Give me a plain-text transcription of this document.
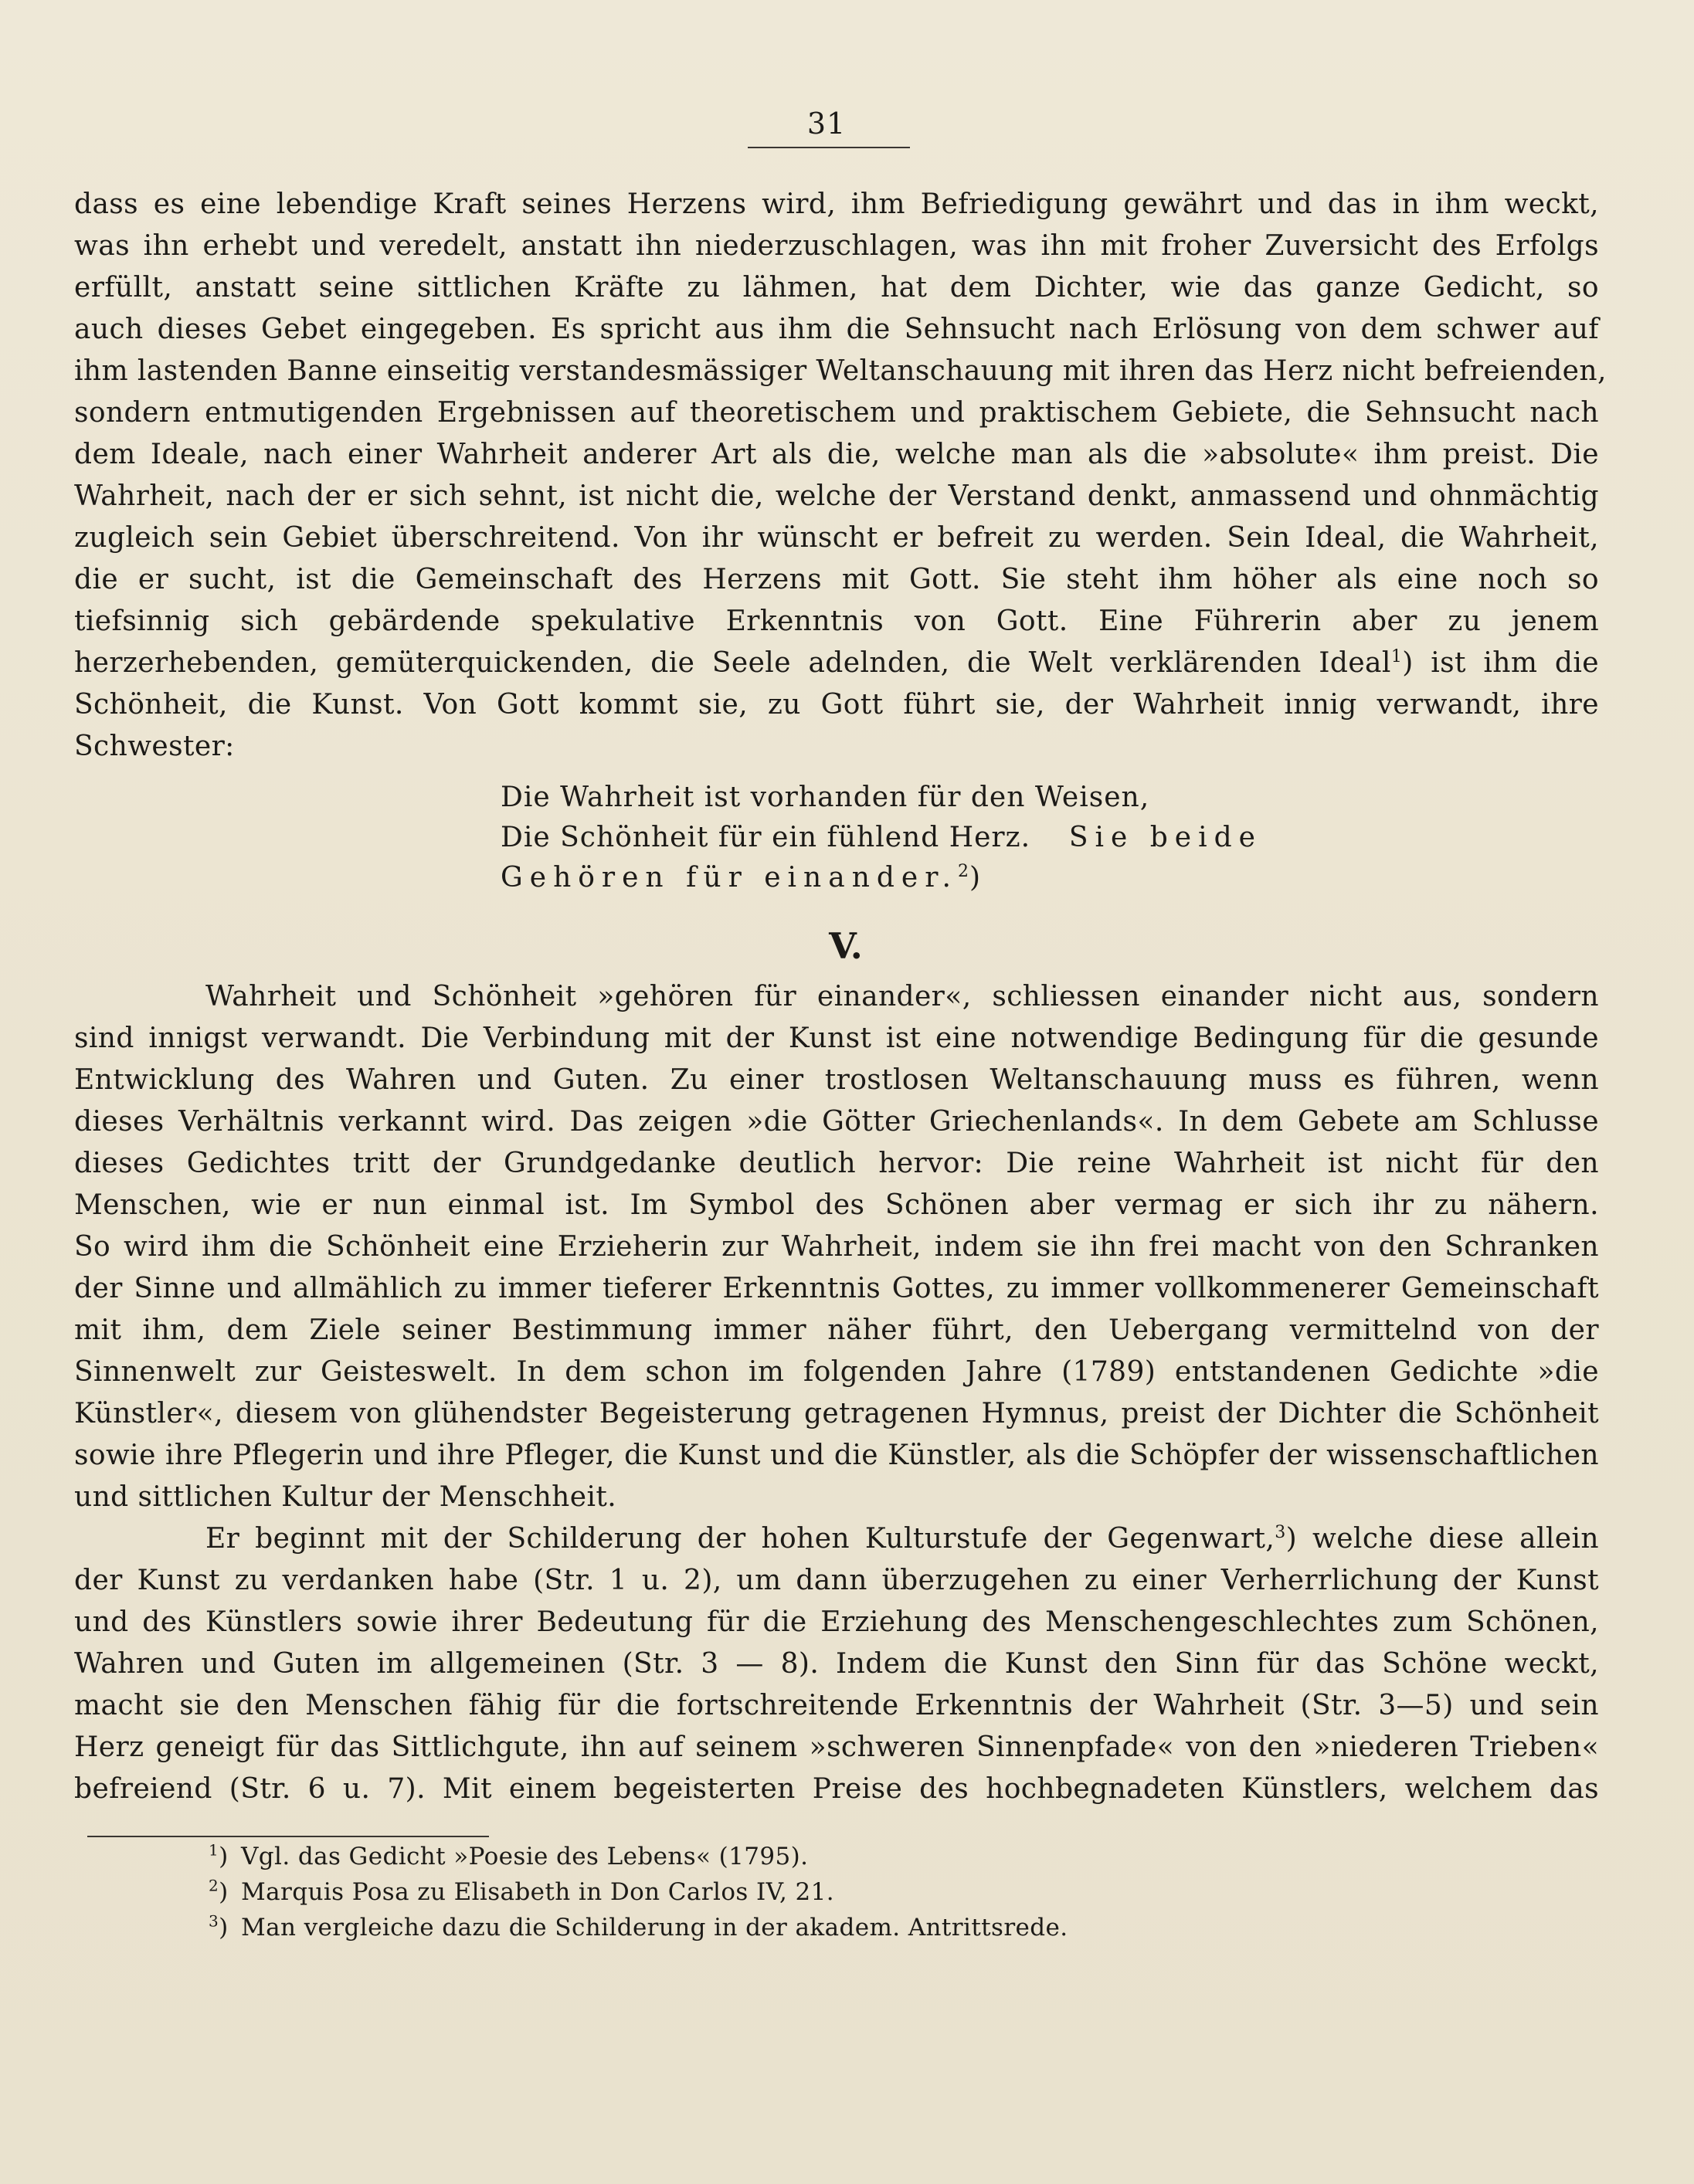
31
dass es eine lebendige Kraft seines Herzens wird, ihm Befriedigung gewährt und das in ihm weckt,
was ihn erhebt und veredelt, anstatt ihn niederzuschlagen, was ihn mit froher Zuversicht des Erfolgs
erfüllt, anstatt seine sittlichen Kräfte zu lähmen, hat dem Dichter, wie das ganze Gedicht, so
auch dieses Gebet eingegeben. Es spricht aus ihm die Sehnsucht nach Erlösung von dem schwer auf
ihm lastenden Banne einseitig verstandesmässiger Weltanschauung mit ihren das Herz nicht befreienden,
sondern entmutigenden Ergebnissen auf theoretischem und praktischem Gebiete, die Sehnsucht nach
dem Ideale, nach einer Wahrheit anderer Art als die, welche man als die »absolute« ihm preist. Die
Wahrheit, nach der er sich sehnt, ist nicht die, welche der Verstand denkt, anmassend und ohnmächtig
zugleich sein Gebiet überschreitend. Von ihr wünscht er befreit zu werden. Sein Ideal, die Wahrheit,
die er sucht, ist die Gemeinschaft des Herzens mit Gott. Sie steht ihm höher als eine noch so
tiefsinnig sich gebärdende spekulative Erkenntnis von Gott. Eine Führerin aber zu jenem
herzerhebenden, gemüterquickenden, die Seele adelnden, die Welt verklärenden Ideal$^1$) ist ihm die
Schönheit, die Kunst. Von Gott kommt sie, zu Gott führt sie, der Wahrheit innig verwandt, ihre
Schwester:
Die Wahrheit ist vorhanden für den Weisen,
Die Schönheit für ein fühlend Herz. Sie beide
Gehören für einander.$^2$)
V.
Wahrheit und Schönheit »gehören für einander«, schliessen einander nicht aus, sondern
sind innigst verwandt. Die Verbindung mit der Kunst ist eine notwendige Bedingung für die gesunde
Entwicklung des Wahren und Guten. Zu einer trostlosen Weltanschauung muss es führen, wenn
dieses Verhältnis verkannt wird. Das zeigen »die Götter Griechenlands«. In dem Gebete am Schlusse
dieses Gedichtes tritt der Grundgedanke deutlich hervor: Die reine Wahrheit ist nicht für den
Menschen, wie er nun einmal ist. Im Symbol des Schönen aber vermag er sich ihr zu nähern.
So wird ihm die Schönheit eine Erzieherin zur Wahrheit, indem sie ihn frei macht von den Schranken
der Sinne und allmählich zu immer tieferer Erkenntnis Gottes, zu immer vollkommenerer Gemeinschaft
mit ihm, dem Ziele seiner Bestimmung immer näher führt, den Uebergang vermittelnd von der
Sinnenwelt zur Geisteswelt. In dem schon im folgenden Jahre (1789) entstandenen Gedichte »die
Künstler«, diesem von glühendster Begeisterung getragenen Hymnus, preist der Dichter die Schönheit
sowie ihre Pflegerin und ihre Pfleger, die Kunst und die Künstler, als die Schöpfer der wissenschaftlichen
und sittlichen Kultur der Menschheit.
Er beginnt mit der Schilderung der hohen Kulturstufe der Gegenwart,$^3$) welche diese allein
der Kunst zu verdanken habe (Str. 1 u. 2), um dann überzugehen zu einer Verherrlichung der Kunst
und des Künstlers sowie ihrer Bedeutung für die Erziehung des Menschengeschlechtes zum Schönen,
Wahren und Guten im allgemeinen (Str. 3 — 8). Indem die Kunst den Sinn für das Schöne weckt,
macht sie den Menschen fähig für die fortschreitende Erkenntnis der Wahrheit (Str. 3—5) und sein
Herz geneigt für das Sittlichgute, ihn auf seinem »schweren Sinnenpfade« von den »niederen Trieben«
befreiend (Str. 6 u. 7). Mit einem begeisterten Preise des hochbegnadeten Künstlers, welchem das
$^1$) Vgl. das Gedicht »Poesie des Lebens« (1795).
$^2$) Marquis Posa zu Elisabeth in Don Carlos IV, 21.
$^3$) Man vergleiche dazu die Schilderung in der akadem. Antrittsrede.
